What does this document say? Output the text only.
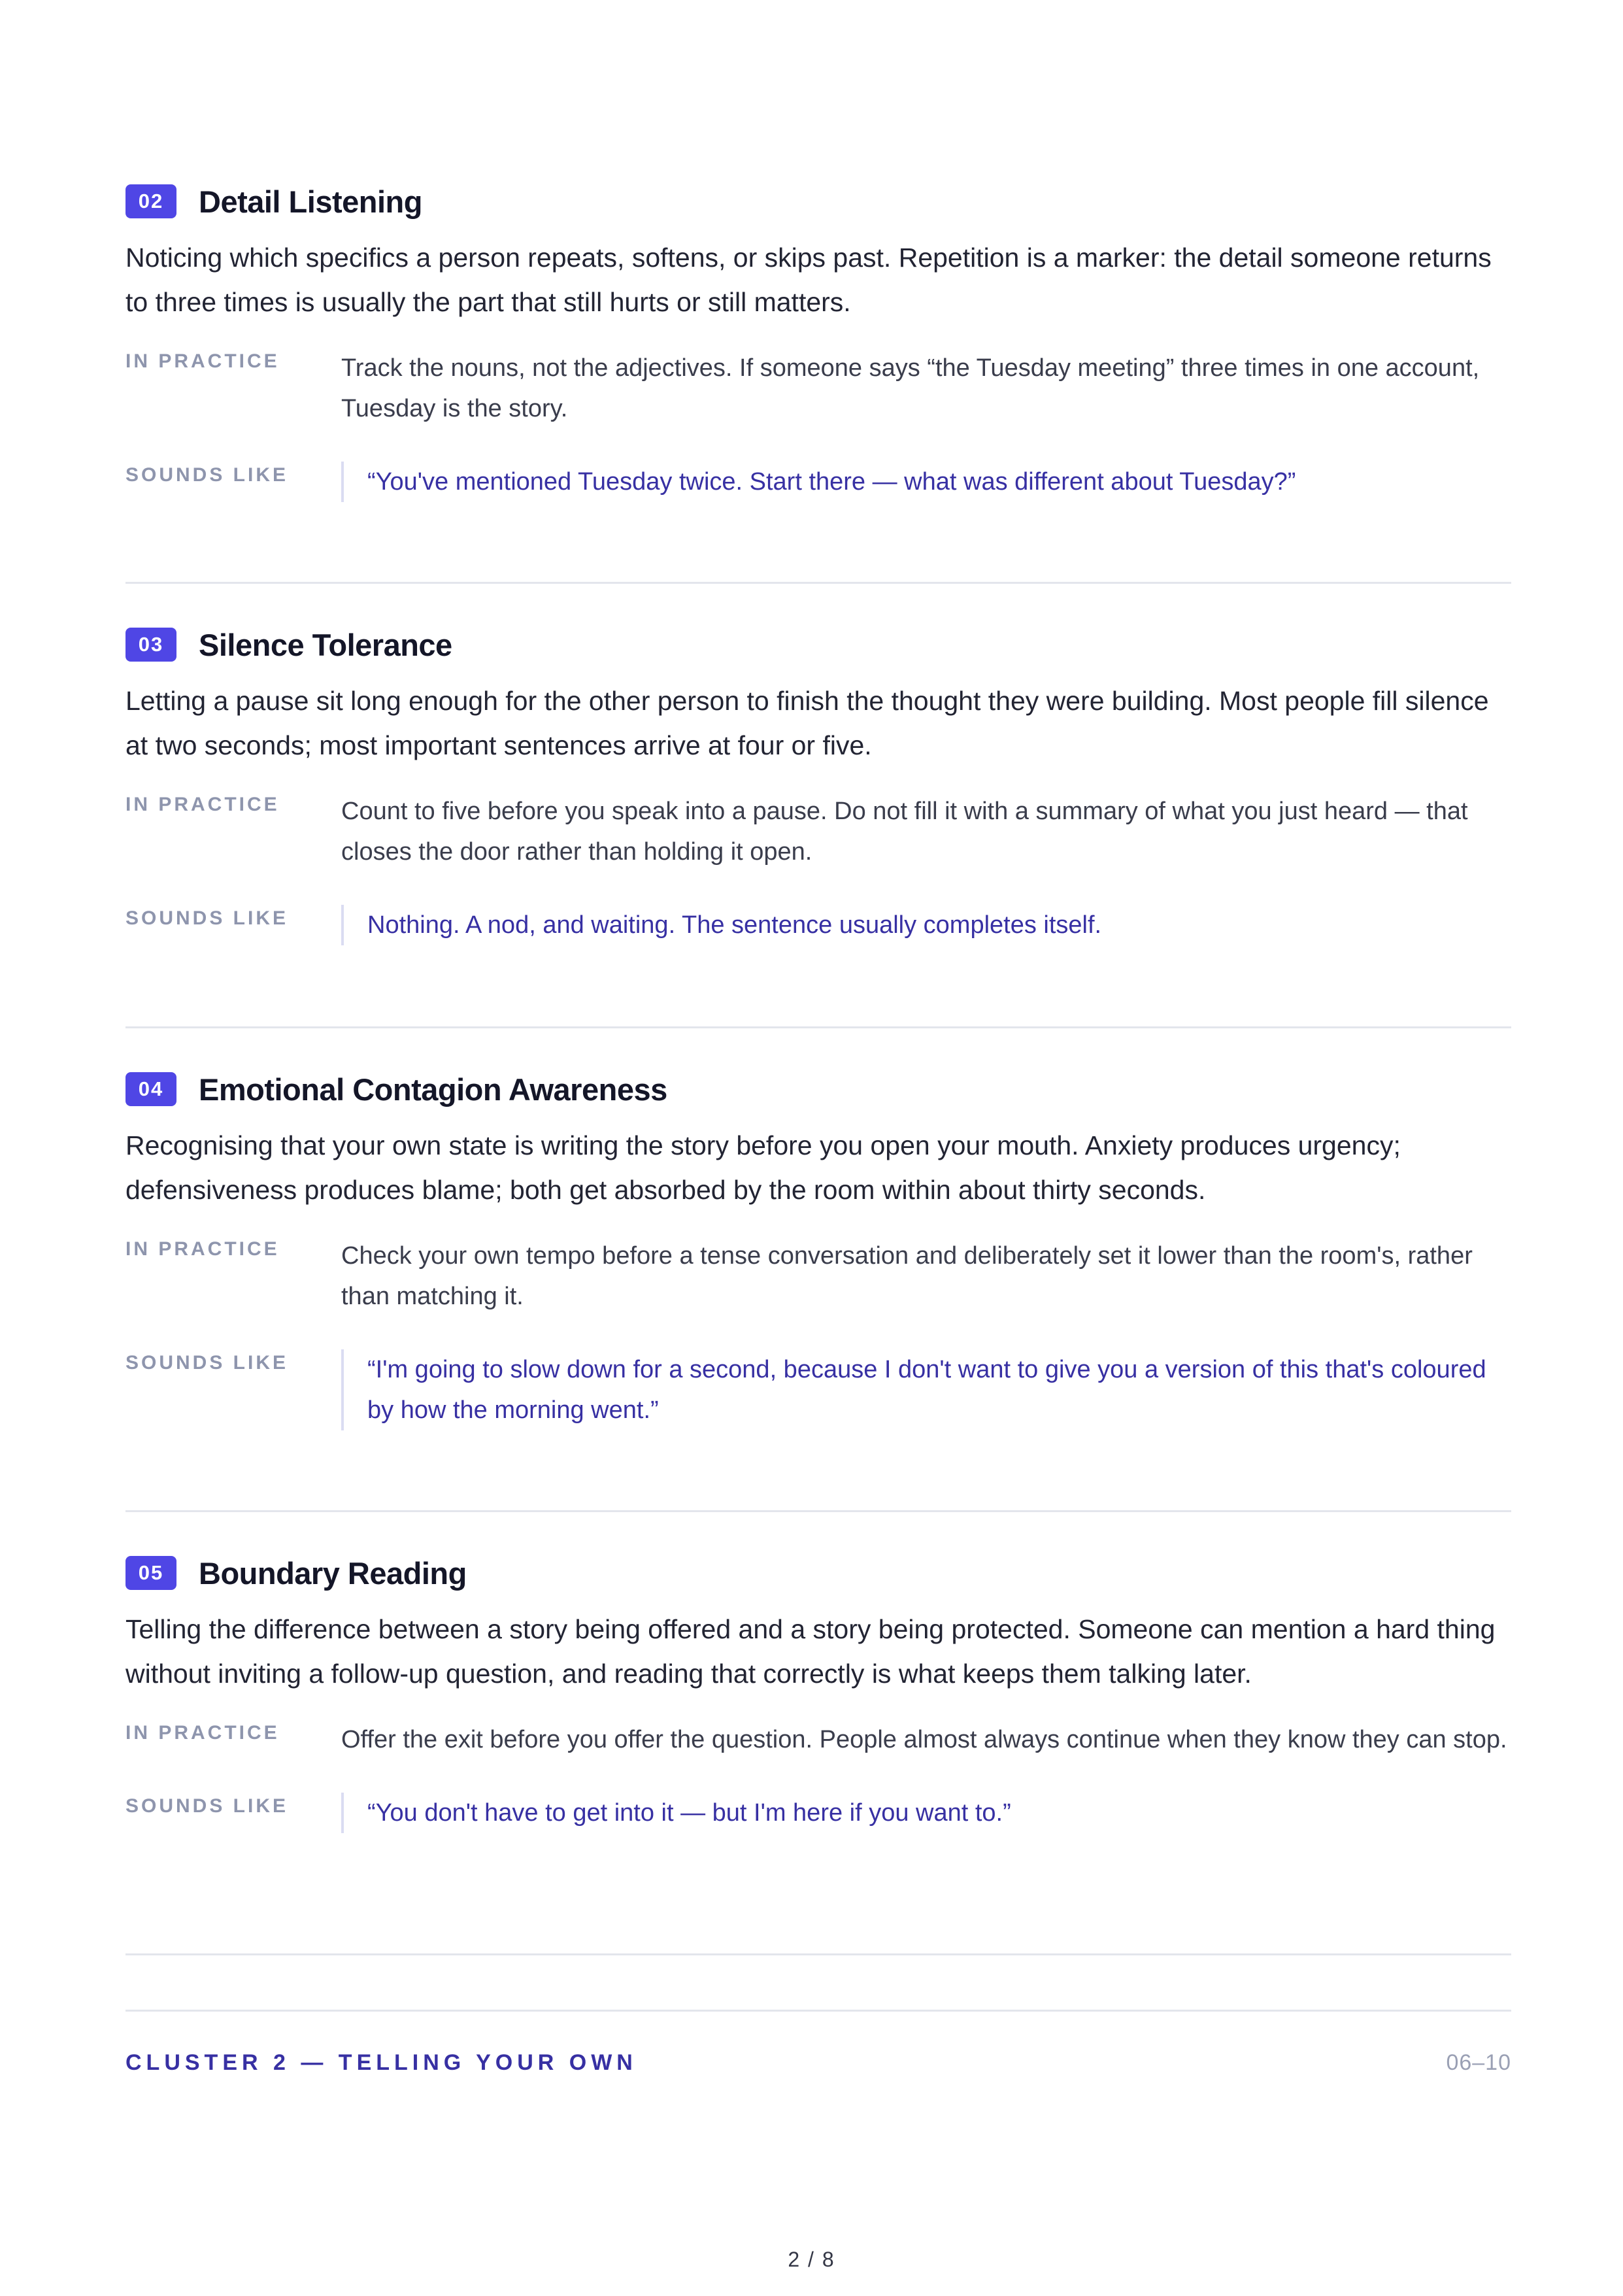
02	Detail Listening
Noticing which specifics a person repeats, softens, or skips past. Repetition is a marker: the detail someone returns to three times is usually the part that still hurts or still matters.
IN PRACTICE	Track the nouns, not the adjectives. If someone says “the Tuesday meeting” three times in one account, Tuesday is the story.
SOUNDS LIKE	“You've mentioned Tuesday twice. Start there — what was different about Tuesday?”
03	Silence Tolerance
Letting a pause sit long enough for the other person to finish the thought they were building. Most people fill silence at two seconds; most important sentences arrive at four or five.
IN PRACTICE	Count to five before you speak into a pause. Do not fill it with a summary of what you just heard — that closes the door rather than holding it open.
SOUNDS LIKE	Nothing. A nod, and waiting. The sentence usually completes itself.
04	Emotional Contagion Awareness
Recognising that your own state is writing the story before you open your mouth. Anxiety produces urgency; defensiveness produces blame; both get absorbed by the room within about thirty seconds.
IN PRACTICE	Check your own tempo before a tense conversation and deliberately set it lower than the room's, rather than matching it.
SOUNDS LIKE	“I'm going to slow down for a second, because I don't want to give you a version of this that's coloured by how the morning went.”
05	Boundary Reading
Telling the difference between a story being offered and a story being protected. Someone can mention a hard thing without inviting a follow-up question, and reading that correctly is what keeps them talking later.
IN PRACTICE	Offer the exit before you offer the question. People almost always continue when they know they can stop.
SOUNDS LIKE	“You don't have to get into it — but I'm here if you want to.”
CLUSTER 2 — TELLING YOUR OWN	06–10
2 / 8
